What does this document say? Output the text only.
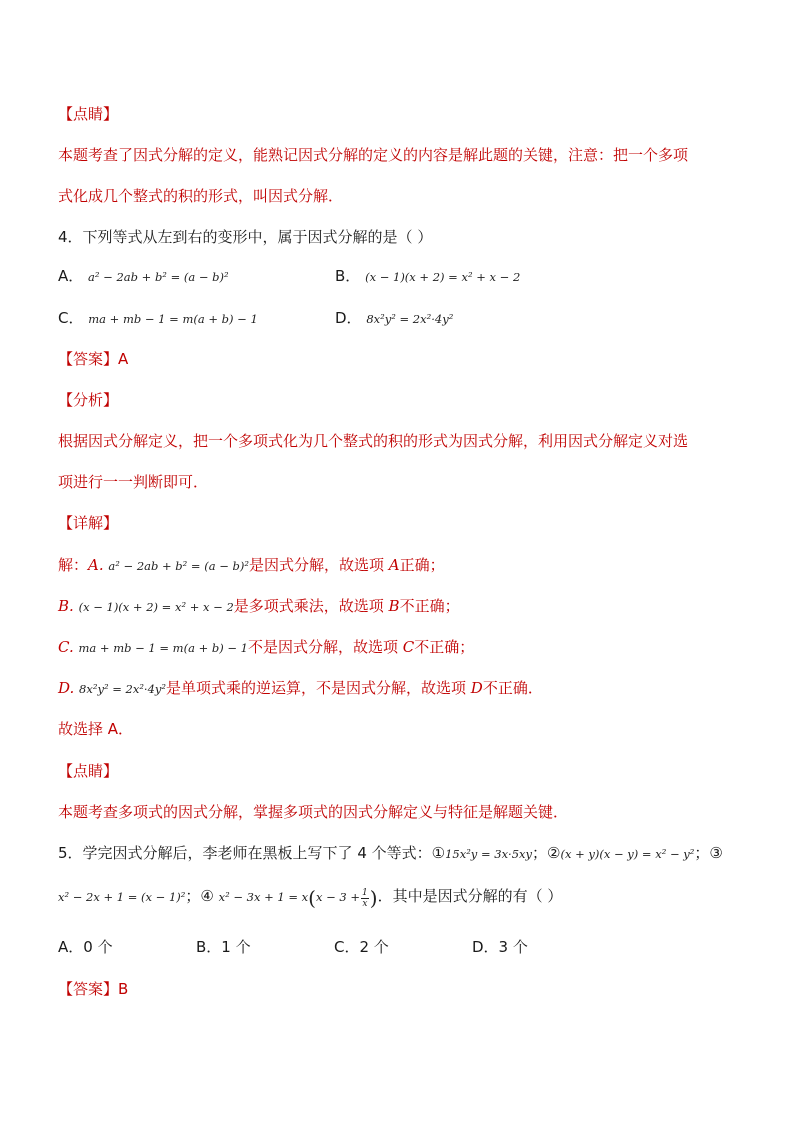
【点睛】
本题考查了因式分解的定义，能熟记因式分解的定义的内容是解此题的关键，注意：把一个多项
式化成几个整式的积的形式，叫因式分解．
4．下列等式从左到右的变形中，属于因式分解的是（ ）
A． a² − 2ab + b² = (a − b)²	B． (x − 1)(x + 2) = x² + x − 2
C． ma + mb − 1 = m(a + b) − 1	D． 8x²y² = 2x²·4y²
【答案】A
【分析】
根据因式分解定义，把一个多项式化为几个整式的积的形式为因式分解，利用因式分解定义对选
项进行一一判断即可．
【详解】
解：A. a² − 2ab + b² = (a − b)²是因式分解，故选项 A正确；
B. (x − 1)(x + 2) = x² + x − 2是多项式乘法，故选项 B不正确；
C. ma + mb − 1 = m(a + b) − 1不是因式分解，故选项 C不正确；
D. 8x²y² = 2x²·4y²是单项式乘的逆运算，不是因式分解，故选项 D不正确．
故选择 A．
【点睛】
本题考查多项式的因式分解，掌握多项式的因式分解定义与特征是解题关键．
5．学完因式分解后，李老师在黑板上写下了 4 个等式：①15x²y = 3x·5xy；②(x + y)(x − y) = x² − y²；③
x² − 2x + 1 = (x − 1)²；④ $x^2 - 3x + 1 = x(x - 3 + \frac{1}{x}$ )．其中是因式分解的有（ ）
A．0 个	B．1 个	C．2 个	D．3 个
【答案】B
